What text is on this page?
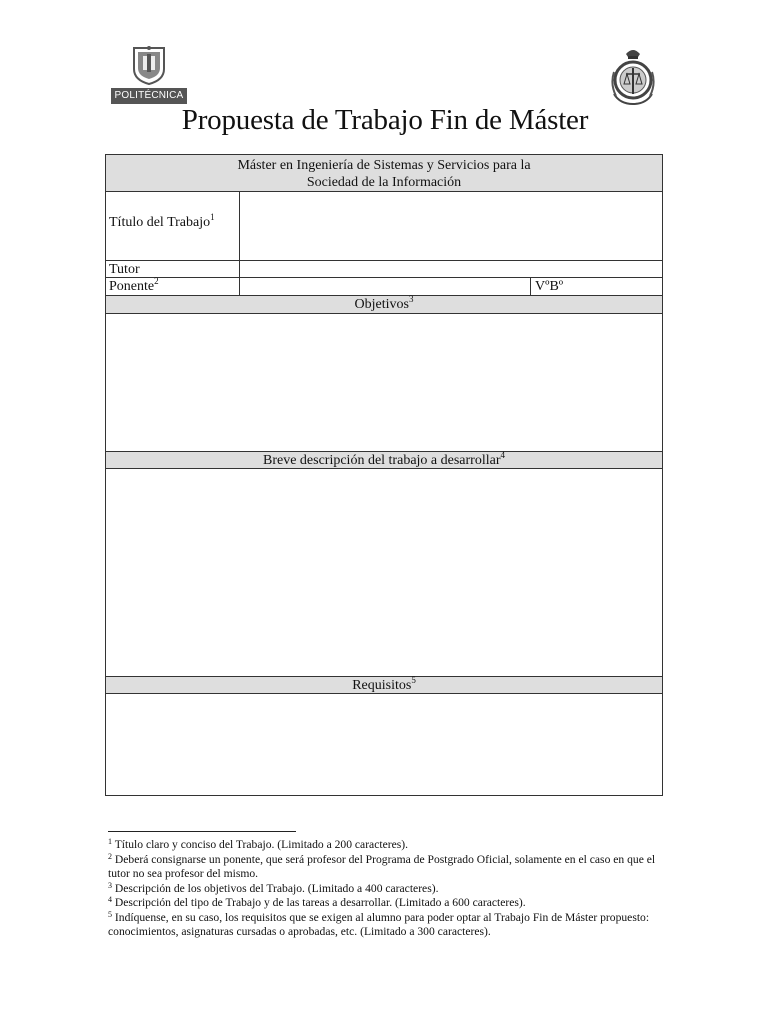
POLITÉCNICA
Propuesta de Trabajo Fin de Máster
Máster en Ingeniería de Sistemas y Servicios para la
Sociedad de la Información
Título del Trabajo$^1$
Tutor
Ponente$^2$	VºBº
Objetivos$^3$
Breve descripción del trabajo a desarrollar$^4$
Requisitos$^5$
$^1$ Título claro y conciso del Trabajo. (Limitado a 200 caracteres).
$^2$ Deberá consignarse un ponente, que será profesor del Programa de Postgrado Oficial, solamente en el caso en que el tutor no sea profesor del mismo.
$^3$ Descripción de los objetivos del Trabajo. (Limitado a 400 caracteres).
$^4$ Descripción del tipo de Trabajo y de las tareas a desarrollar. (Limitado a 600 caracteres).
$^5$ Indíquense, en su caso, los requisitos que se exigen al alumno para poder optar al Trabajo Fin de Máster propuesto: conocimientos, asignaturas cursadas o aprobadas, etc. (Limitado a 300 caracteres).
